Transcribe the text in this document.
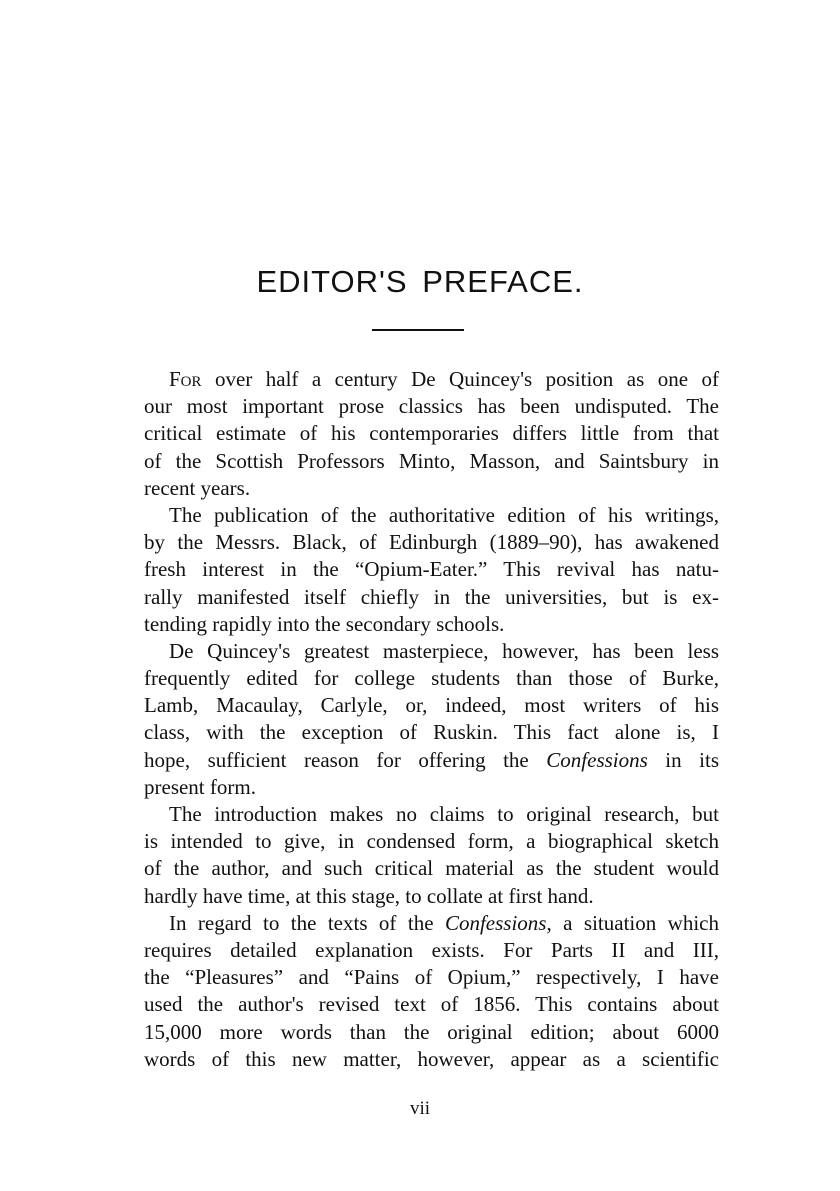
EDITOR'S PREFACE.
For over half a century De Quincey's position as one of
our most important prose classics has been undisputed. The
critical estimate of his contemporaries differs little from that
of the Scottish Professors Minto, Masson, and Saintsbury in
recent years.
The publication of the authoritative edition of his writings,
by the Messrs. Black, of Edinburgh (1889–90), has awakened
fresh interest in the “Opium-Eater.” This revival has natu-
rally manifested itself chiefly in the universities, but is ex-
tending rapidly into the secondary schools.
De Quincey's greatest masterpiece, however, has been less
frequently edited for college students than those of Burke,
Lamb, Macaulay, Carlyle, or, indeed, most writers of his
class, with the exception of Ruskin. This fact alone is, I
hope, sufficient reason for offering the Confessions in its
present form.
The introduction makes no claims to original research, but
is intended to give, in condensed form, a biographical sketch
of the author, and such critical material as the student would
hardly have time, at this stage, to collate at first hand.
In regard to the texts of the Confessions, a situation which
requires detailed explanation exists. For Parts II and III,
the “Pleasures” and “Pains of Opium,” respectively, I have
used the author's revised text of 1856. This contains about
15,000 more words than the original edition; about 6000
words of this new matter, however, appear as a scientific
vii
